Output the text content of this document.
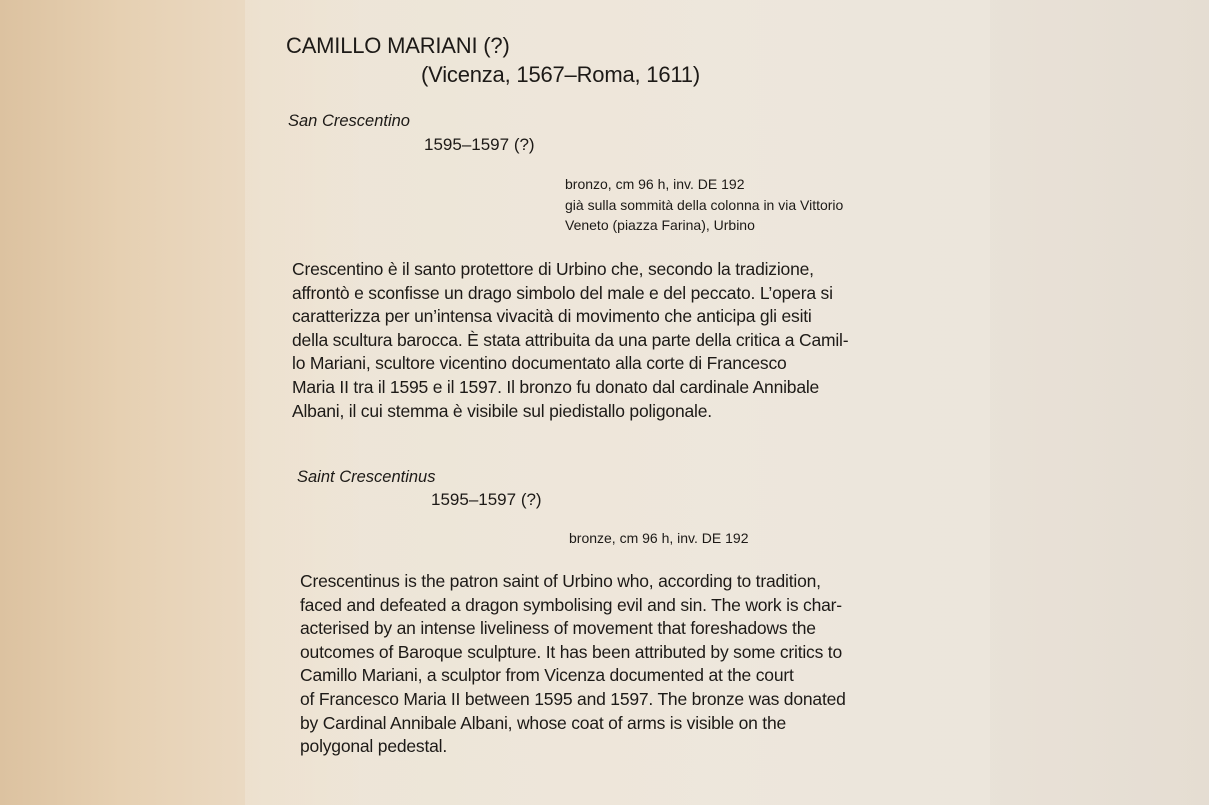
CAMILLO MARIANI (?)
(Vicenza, 1567–Roma, 1611)
San Crescentino
1595–1597 (?)
bronzo, cm 96 h, inv. DE 192
già sulla sommità della colonna in via Vittorio
Veneto (piazza Farina), Urbino
Crescentino è il santo protettore di Urbino che, secondo la tradizione,
affrontò e sconfisse un drago simbolo del male e del peccato. L’opera si
caratterizza per un’intensa vivacità di movimento che anticipa gli esiti
della scultura barocca. È stata attribuita da una parte della critica a Camil-
lo Mariani, scultore vicentino documentato alla corte di Francesco
Maria II tra il 1595 e il 1597. Il bronzo fu donato dal cardinale Annibale
Albani, il cui stemma è visibile sul piedistallo poligonale.
Saint Crescentinus
1595–1597 (?)
bronze, cm 96 h, inv. DE 192
Crescentinus is the patron saint of Urbino who, according to tradition,
faced and defeated a dragon symbolising evil and sin. The work is char-
acterised by an intense liveliness of movement that foreshadows the
outcomes of Baroque sculpture. It has been attributed by some critics to
Camillo Mariani, a sculptor from Vicenza documented at the court
of Francesco Maria II between 1595 and 1597. The bronze was donated
by Cardinal Annibale Albani, whose coat of arms is visible on the
polygonal pedestal.
